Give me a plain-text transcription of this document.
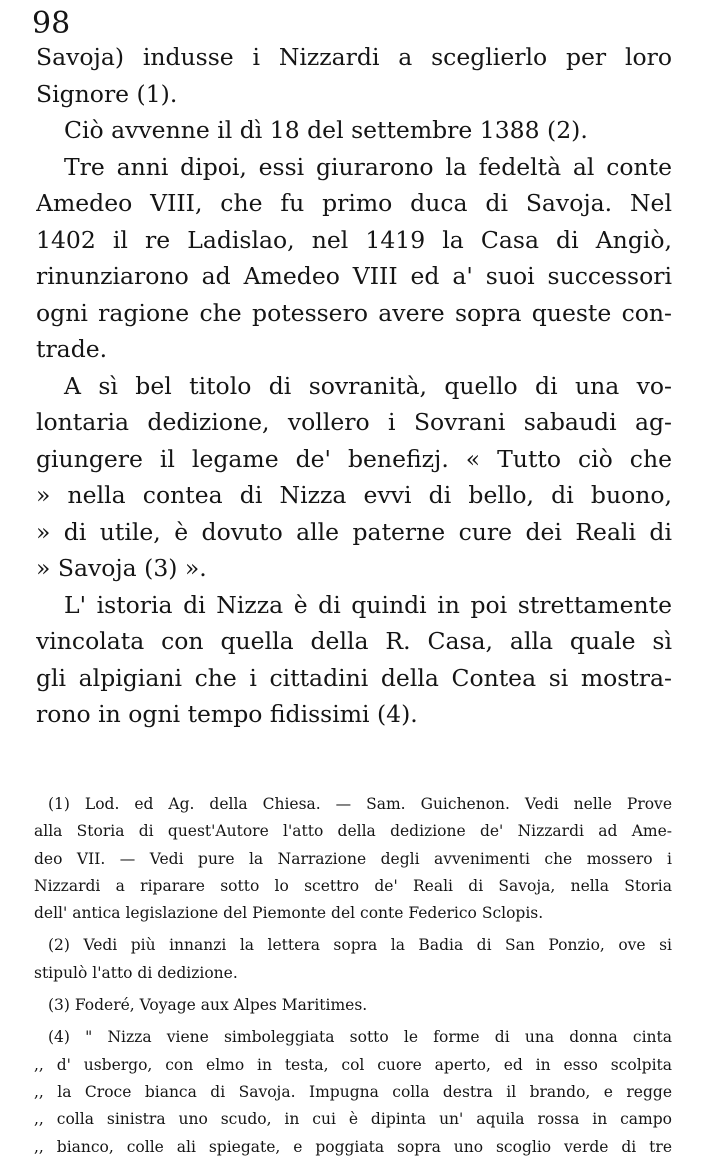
98
Savoja) indusse i Nizzardi a sceglierlo per loro
Signore (1).
Ciò avvenne il dì 18 del settembre 1388 (2).
Tre anni dipoi, essi giurarono la fedeltà al conte
Amedeo VIII, che fu primo duca di Savoja. Nel
1402 il re Ladislao, nel 1419 la Casa di Angiò,
rinunziarono ad Amedeo VIII ed a' suoi successori
ogni ragione che potessero avere sopra queste con-
trade.
A sì bel titolo di sovranità, quello di una vo-
lontaria dedizione, vollero i Sovrani sabaudi ag-
giungere il legame de' benefizj. « Tutto ciò che
» nella contea di Nizza evvi di bello, di buono,
» di utile, è dovuto alle paterne cure dei Reali di
» Savoja (3) ».
L' istoria di Nizza è di quindi in poi strettamente
vincolata con quella della R. Casa, alla quale sì
gli alpigiani che i cittadini della Contea si mostra-
rono in ogni tempo fidissimi (4).
(1) Lod. ed Ag. della Chiesa. — Sam. Guichenon. Vedi nelle Prove
alla Storia di quest'Autore l'atto della dedizione de' Nizzardi ad Ame-
deo VII. — Vedi pure la Narrazione degli avvenimenti che mossero i
Nizzardi a riparare sotto lo scettro de' Reali di Savoja, nella Storia
dell' antica legislazione del Piemonte del conte Federico Sclopis.
(2) Vedi più innanzi la lettera sopra la Badia di San Ponzio, ove si
stipulò l'atto di dedizione.
(3) Foderé, Voyage aux Alpes Maritimes.
(4) " Nizza viene simboleggiata sotto le forme di una donna cinta
,, d' usbergo, con elmo in testa, col cuore aperto, ed in esso scolpita
,, la Croce bianca di Savoja. Impugna colla destra il brando, e regge
,, colla sinistra uno scudo, in cui è dipinta un' aquila rossa in campo
,, bianco, colle ali spiegate, e poggiata sopra uno scoglio verde di tre
